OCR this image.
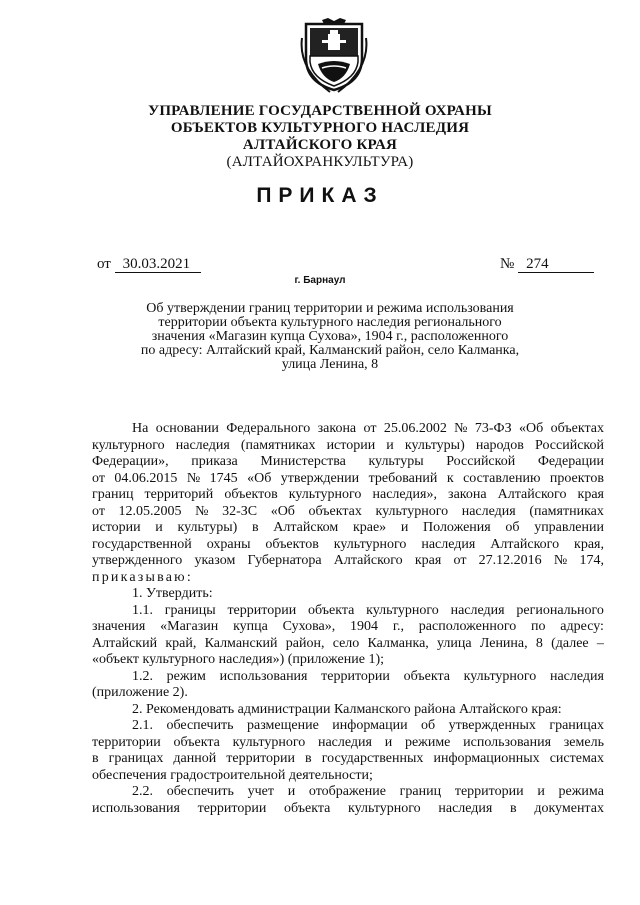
УПРАВЛЕНИЕ ГОСУДАРСТВЕННОЙ ОХРАНЫ
ОБЪЕКТОВ КУЛЬТУРНОГО НАСЛЕДИЯ
АЛТАЙСКОГО КРАЯ
(АЛТАЙОХРАНКУЛЬТУРА)
ПРИКАЗ
от 30.03.2021	№ 274
г. Барнаул
Об утверждении границ территории и режима использования
территории объекта культурного наследия регионального
значения «Магазин купца Сухова», 1904 г., расположенного
по адресу: Алтайский край, Калманский район, село Калманка,
улица Ленина, 8
На основании Федерального закона от 25.06.2002 № 73-ФЗ «Об объектах
культурного наследия (памятниках истории и культуры) народов Российской
Федерации», приказа Министерства культуры Российской Федерации
от 04.06.2015 № 1745 «Об утверждении требований к составлению проектов
границ территорий объектов культурного наследия», закона Алтайского края
от 12.05.2005 № 32-ЗС «Об объектах культурного наследия (памятниках
истории и культуры) в Алтайском крае» и Положения об управлении
государственной охраны объектов культурного наследия Алтайского края,
утвержденного указом Губернатора Алтайского края от 27.12.2016 № 174,
приказываю:
1. Утвердить:
1.1. границы территории объекта культурного наследия регионального
значения «Магазин купца Сухова», 1904 г., расположенного по адресу:
Алтайский край, Калманский район, село Калманка, улица Ленина, 8 (далее –
«объект культурного наследия») (приложение 1);
1.2. режим использования территории объекта культурного наследия
(приложение 2).
2. Рекомендовать администрации Калманского района Алтайского края:
2.1. обеспечить размещение информации об утвержденных границах
территории объекта культурного наследия и режиме использования земель
в границах данной территории в государственных информационных системах
обеспечения градостроительной деятельности;
2.2. обеспечить учет и отображение границ территории и режима
использования территории объекта культурного наследия в документах
